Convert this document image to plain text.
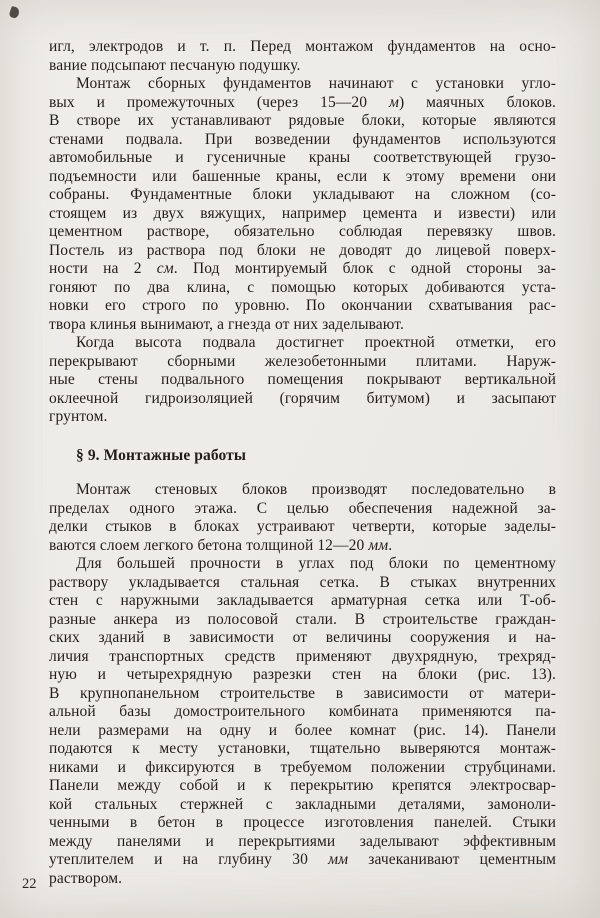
игл, электродов и т. п. Перед монтажом фундаментов на осно-
вание подсыпают песчаную подушку.
Монтаж сборных фундаментов начинают с установки угло-
вых и промежуточных (через 15—20 м) маячных блоков.
В створе их устанавливают рядовые блоки, которые являются
стенами подвала. При возведении фундаментов используются
автомобильные и гусеничные краны соответствующей грузо-
подъемности или башенные краны, если к этому времени они
собраны. Фундаментные блоки укладывают на сложном (со-
стоящем из двух вяжущих, например цемента и извести) или
цементном растворе, обязательно соблюдая перевязку швов.
Постель из раствора под блоки не доводят до лицевой поверх-
ности на 2 см. Под монтируемый блок с одной стороны за-
гоняют по два клина, с помощью которых добиваются уста-
новки его строго по уровню. По окончании схватывания рас-
твора клинья вынимают, а гнезда от них заделывают.
Когда высота подвала достигнет проектной отметки, его
перекрывают сборными железобетонными плитами. Наруж-
ные стены подвального помещения покрывают вертикальной
оклеечной гидроизоляцией (горячим битумом) и засыпают
грунтом.
§ 9. Монтажные работы
Монтаж стеновых блоков производят последовательно в
пределах одного этажа. С целью обеспечения надежной за-
делки стыков в блоках устраивают четверти, которые заделы-
ваются слоем легкого бетона толщиной 12—20 мм.
Для большей прочности в углах под блоки по цементному
раствору укладывается стальная сетка. В стыках внутренних
стен с наружными закладывается арматурная сетка или Т-об-
разные анкера из полосовой стали. В строительстве граждан-
ских зданий в зависимости от величины сооружения и на-
личия транспортных средств применяют двухрядную, трехряд-
ную и четырехрядную разрезки стен на блоки (рис. 13).
В крупнопанельном строительстве в зависимости от матери-
альной базы домостроительного комбината применяются па-
нели размерами на одну и более комнат (рис. 14). Панели
подаются к месту установки, тщательно выверяются монтаж-
никами и фиксируются в требуемом положении струбцинами.
Панели между собой и к перекрытию крепятся электросвар-
кой стальных стержней с закладными деталями, замоноли-
ченными в бетон в процессе изготовления панелей. Стыки
между панелями и перекрытиями заделывают эффективным
утеплителем и на глубину 30 мм зачеканивают цементным
раствором.
22
